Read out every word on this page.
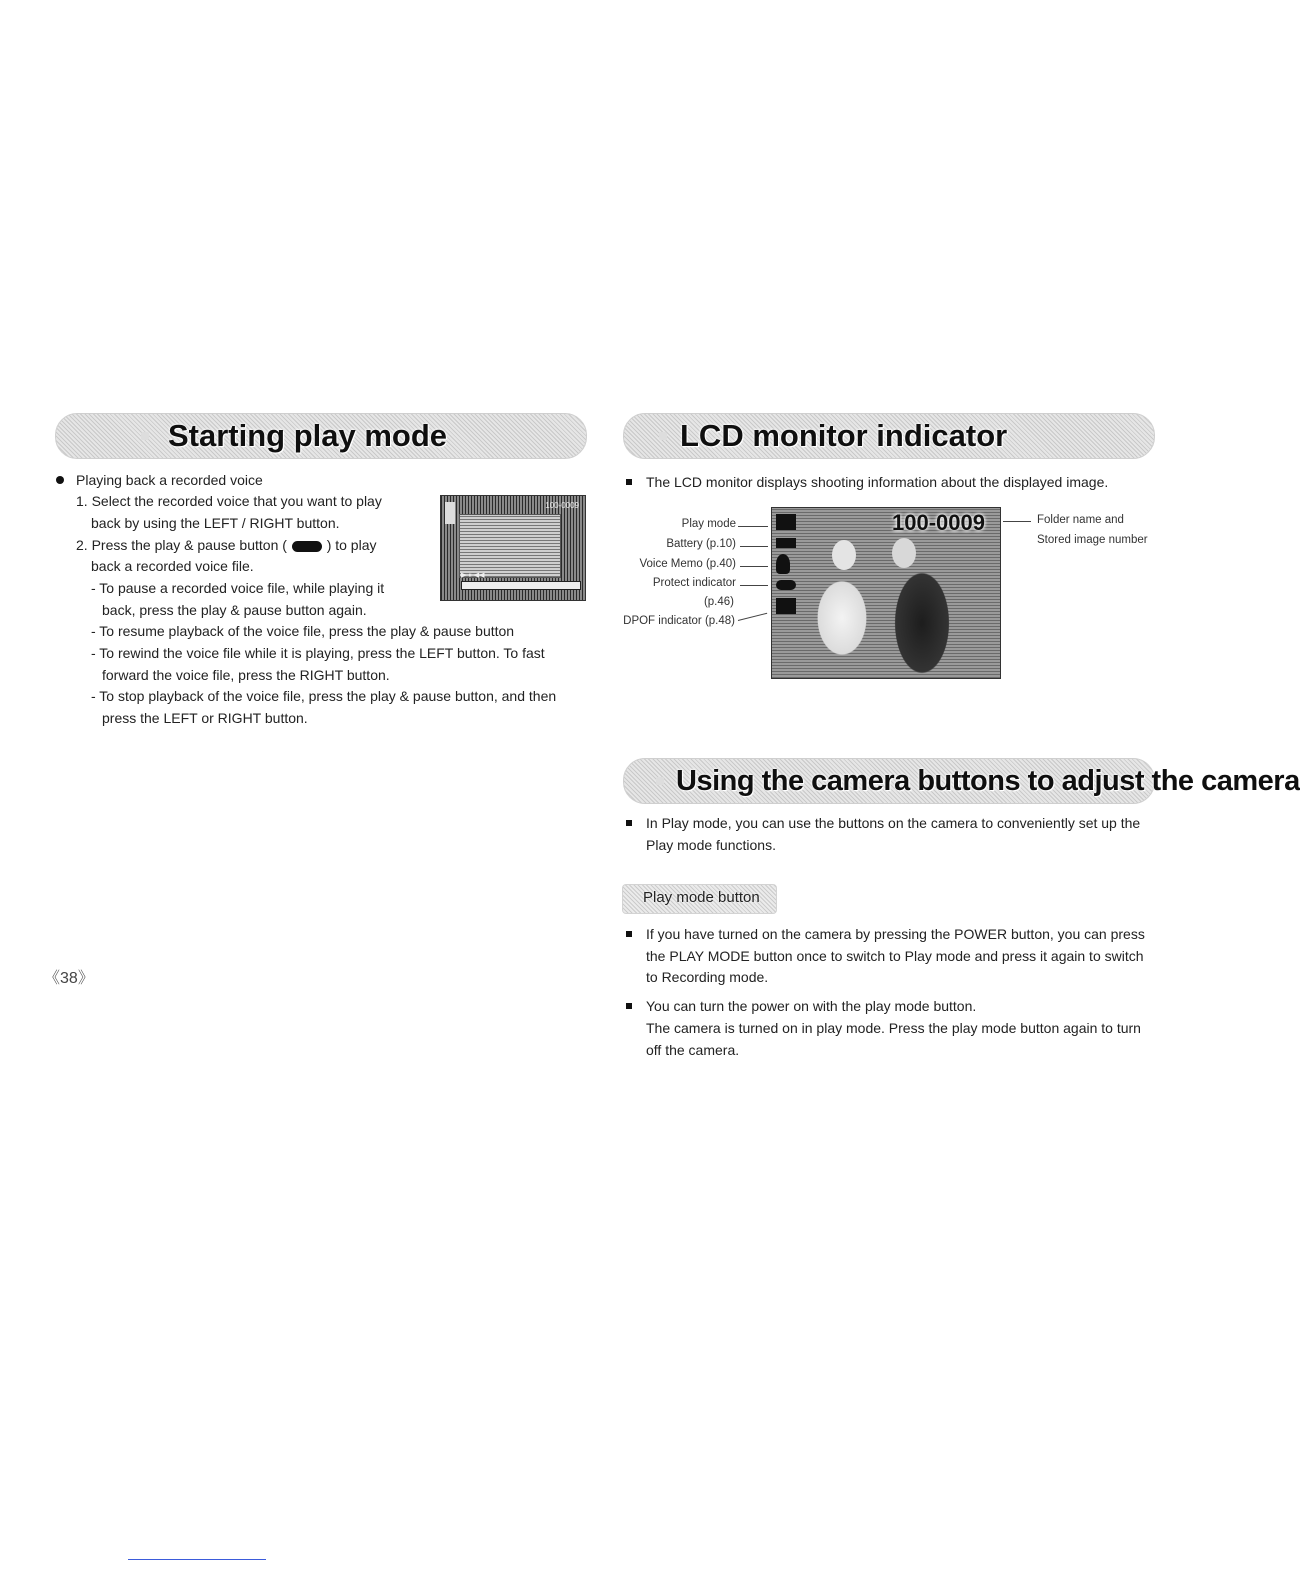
Starting play mode	LCD monitor indicator
Playing back a recorded voice
1. Select the recorded voice that you want to play
back by using the LEFT / RIGHT button.
2. Press the play & pause button (	) to play
back a recorded voice file.
- To pause a recorded voice file, while playing it
back, press the play & pause button again.
- To resume playback of the voice file, press the play & pause button
- To rewind the voice file while it is playing, press the LEFT button. To fast
forward the voice file, press the RIGHT button.
- To stop playback of the voice file, press the play & pause button, and then
press the LEFT or RIGHT button.
100-0009
▶ ⏸ ◀◀
The LCD monitor displays shooting information about the displayed image.
100-0009
Play mode
Battery (p.10)
Voice Memo (p.40)
Protect indicator
(p.46)
DPOF indicator (p.48)
Folder name and
Stored image number
Using the camera buttons to adjust the camera
In Play mode, you can use the buttons on the camera to conveniently set up the
Play mode functions.
Play mode button
If you have turned on the camera by pressing the POWER button, you can press
the PLAY MODE button once to switch to Play mode and press it again to switch
to Recording mode.
You can turn the power on with the play mode button.
The camera is turned on in play mode. Press the play mode button again to turn
off the camera.
《38》
